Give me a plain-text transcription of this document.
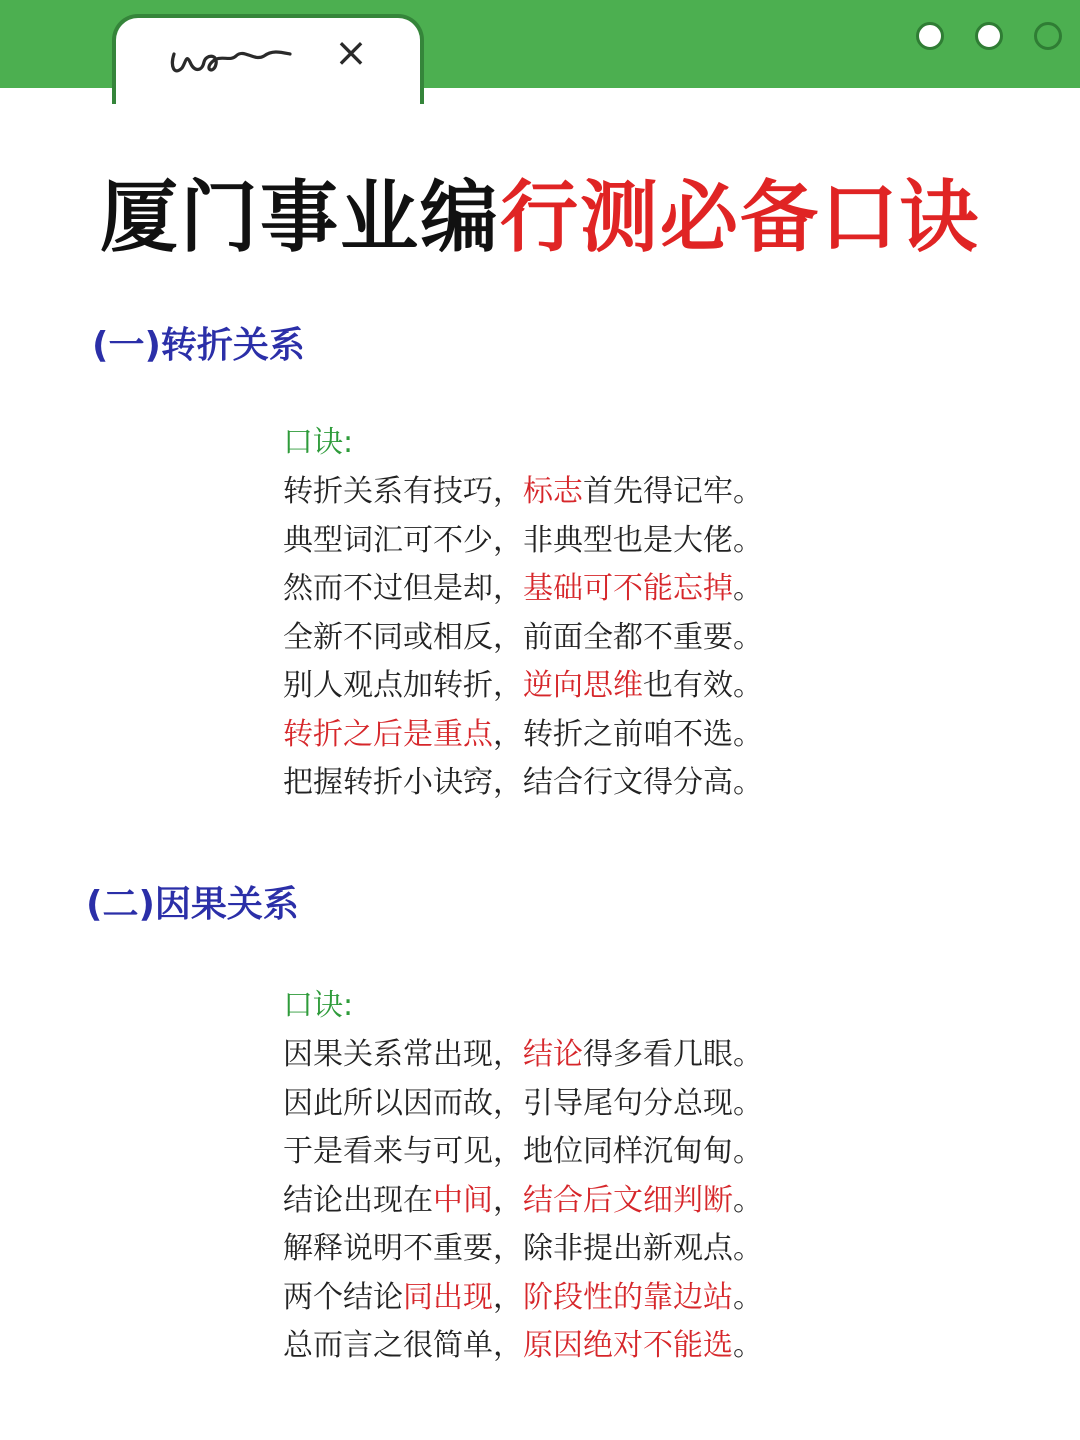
×
厦门事业编行测必备口诀
(一)转折关系
口诀:
转折关系有技巧，标志首先得记牢。
典型词汇可不少，非典型也是大佬。
然而不过但是却，基础可不能忘掉。
全新不同或相反，前面全都不重要。
别人观点加转折，逆向思维也有效。
转折之后是重点，转折之前咱不选。
把握转折小诀窍，结合行文得分高。
(二)因果关系
口诀:
因果关系常出现，结论得多看几眼。
因此所以因而故，引导尾句分总现。
于是看来与可见，地位同样沉甸甸。
结论出现在中间，结合后文细判断。
解释说明不重要，除非提出新观点。
两个结论同出现，阶段性的靠边站。
总而言之很简单，原因绝对不能选。
